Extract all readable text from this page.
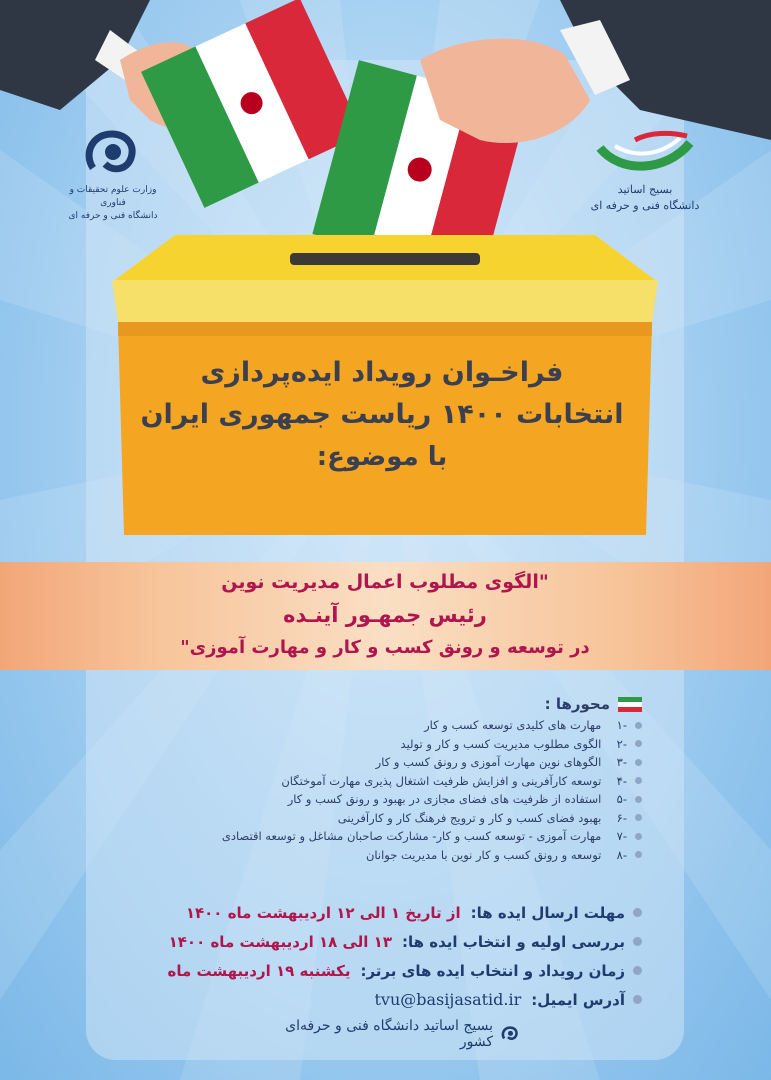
وزارت علوم تحقیقات و فناوری
دانشگاه فنی و حرفه ای
بسیج اساتید
دانشگاه فنی و حرفه ای
فراخـوان رویداد ایده‌پردازی
انتخابات ۱۴۰۰ ریاست جمهوری ایران
با موضوع:
"الگوی مطلوب اعمال مدیریت نوین
رئیس جمهـور آینـده
در توسعه و رونق کسب و کار و مهارت آموزی"
محورها :
-۱

مهارت های کلیدی توسعه کسب و کار
-۲

الگوی مطلوب مدیریت کسب و کار و تولید
-۳

الگوهای نوین مهارت آموزی و رونق کسب و کار
-۴

توسعه کارآفرینی و افزایش ظرفیت اشتغال پذیری مهارت آموختگان
-۵

استفاده از ظرفیت های فضای مجازی در بهبود و رونق کسب و کار
-۶

بهبود فضای کسب و کار و ترویج فرهنگ کار و کارآفرینی
-۷

مهارت آموزی - توسعه کسب و کار- مشارکت صاحبان مشاغل و توسعه اقتصادی
-۸

توسعه و رونق کسب و کار نوین با مدیریت جوانان
مهلت ارسال ایده ها:
از تاریخ ۱ الی ۱۲ اردیبهشت ماه ۱۴۰۰
بررسی اولیه و انتخاب ایده ها:
۱۳ الی ۱۸ اردیبهشت ماه ۱۴۰۰
زمان رویداد و انتخاب ایده های برتر:
یکشنبه ۱۹ اردیبهشت ماه
آدرس ایمیل:
tvu@basijasatid.ir
بسیج اساتید دانشگاه فنی و حرفه‌ای کشور
